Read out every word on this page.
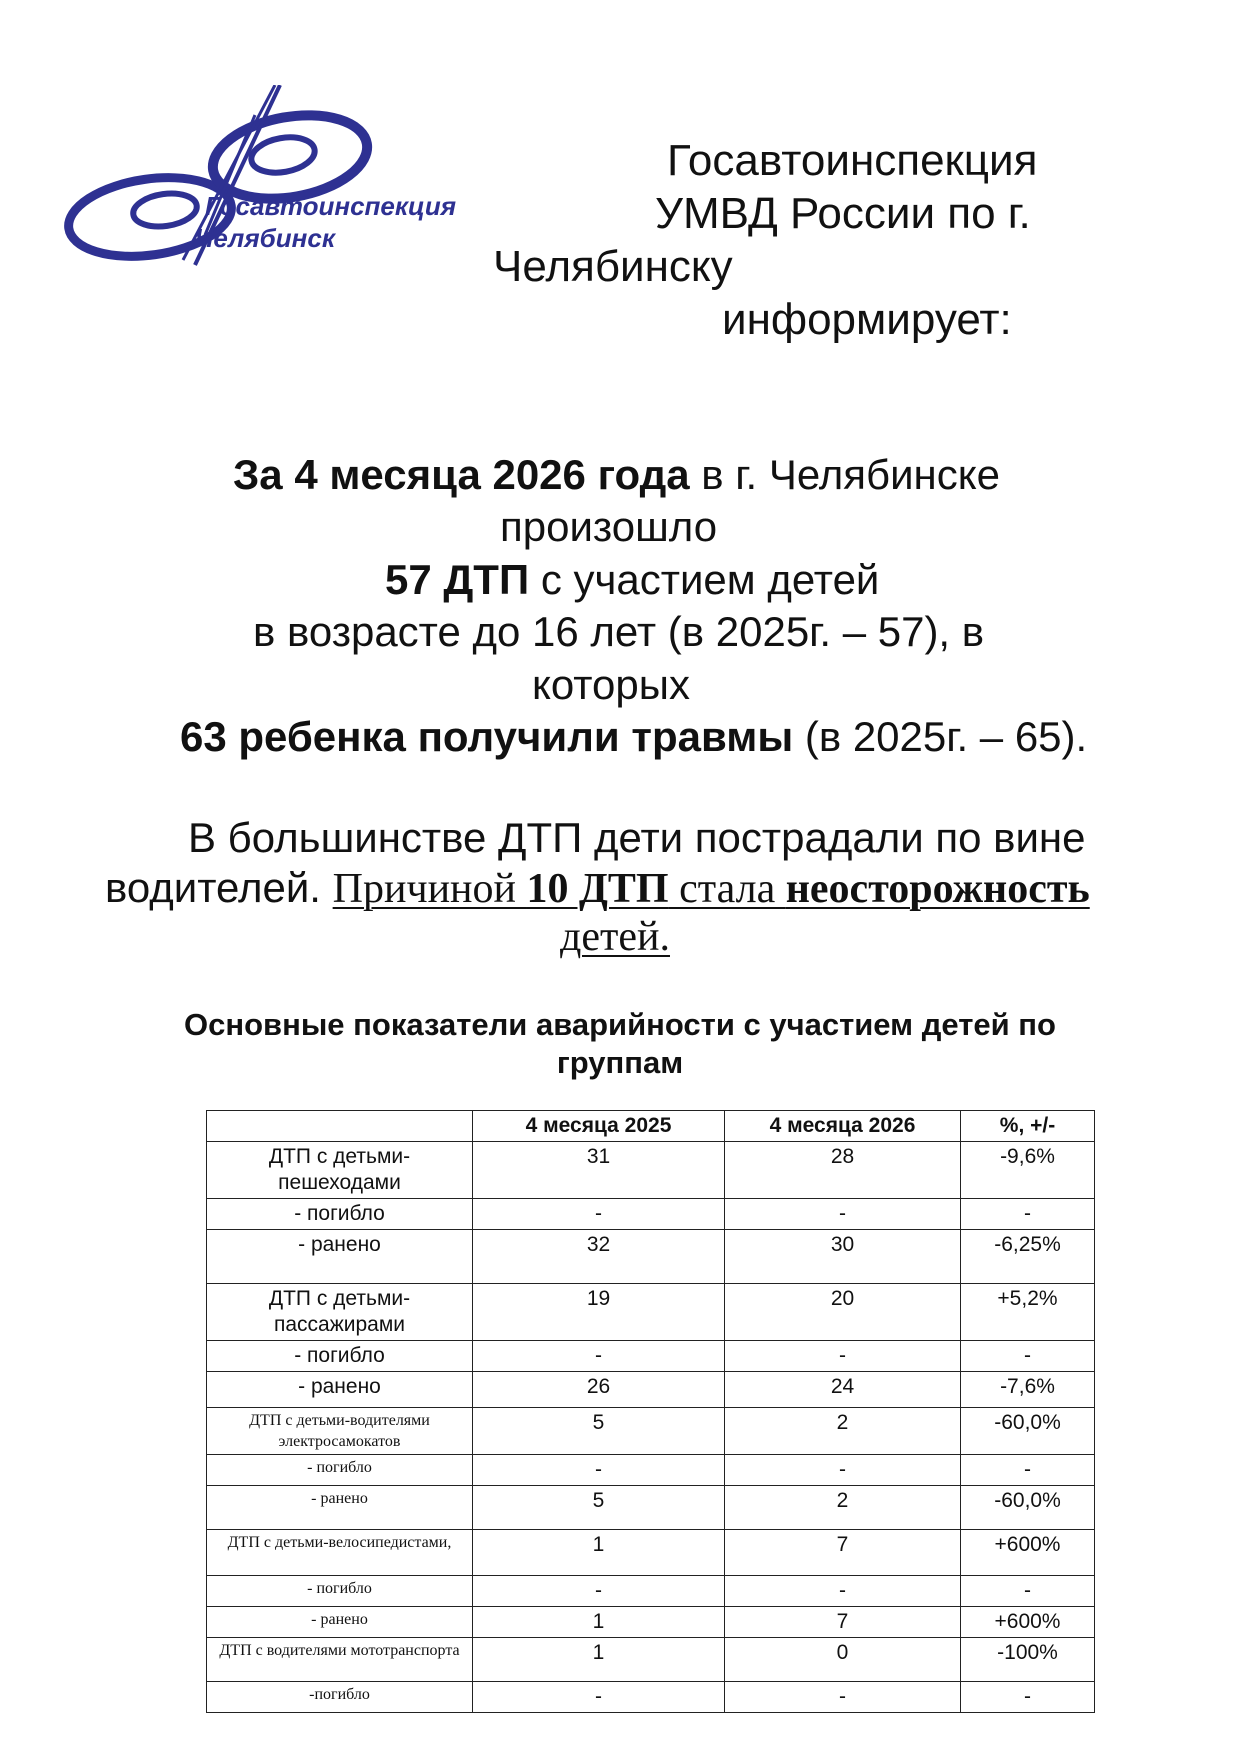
Госавтоинспекция
Челябинск
Госавтоинспекция
УМВД России по г.
Челябинску
информирует:
За 4 месяца 2026 года в г. Челябинске
произошло
57 ДТП с участием детей
в возрасте до 16 лет (в 2025г. – 57), в
которых
63 ребенка получили травмы (в 2025г. – 65).
В большинстве ДТП дети пострадали по вине
водителей. Причиной 10 ДТП стала неосторожность
детей.
Основные показатели аварийности с участием детей по
группам
	4 месяца 2025	4 месяца 2026	%, +/-
ДТП с детьми-пешеходами	31	28	-9,6%
- погибло	-	-	-
- ранено	32	30	-6,25%
ДТП с детьми-пассажирами	19	20	+5,2%
- погибло	-	-	-
- ранено	26	24	-7,6%
ДТП с детьми-водителями электросамокатов	5	2	-60,0%
- погибло	-	-	-
- ранено	5	2	-60,0%
ДТП с детьми-велосипедистами,	1	7	+600%
- погибло	-	-	-
- ранено	1	7	+600%
ДТП с водителями мототранспорта	1	0	-100%
-погибло	-	-	-
